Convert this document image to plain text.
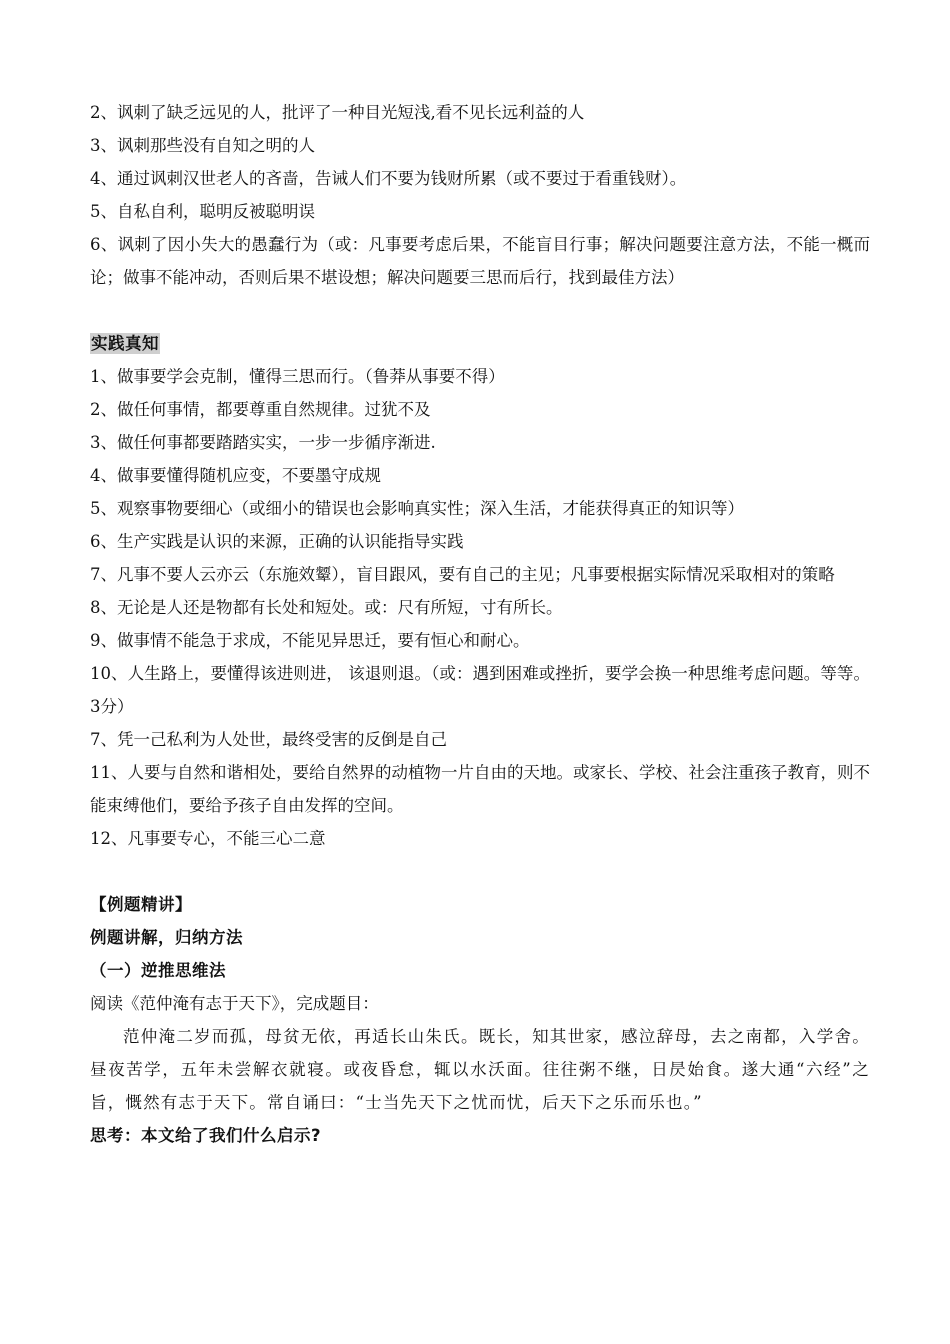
2、讽刺了缺乏远见的人，批评了一种目光短浅,看不见长远利益的人
3、讽刺那些没有自知之明的人
4、通过讽刺汉世老人的吝啬，告诫人们不要为钱财所累（或不要过于看重钱财）。
5、自私自利，聪明反被聪明误
6、讽刺了因小失大的愚蠢行为（或：凡事要考虑后果，不能盲目行事；解决问题要注意方法，不能一概而论；做事不能冲动，否则后果不堪设想；解决问题要三思而后行，找到最佳方法）
实践真知
1、做事要学会克制，懂得三思而行。（鲁莽从事要不得）
2、做任何事情，都要尊重自然规律。过犹不及
3、做任何事都要踏踏实实，一步一步循序渐进.
4、做事要懂得随机应变，不要墨守成规
5、观察事物要细心（或细小的错误也会影响真实性；深入生活，才能获得真正的知识等）
6、生产实践是认识的来源，正确的认识能指导实践
7、凡事不要人云亦云（东施效颦），盲目跟风，要有自己的主见；凡事要根据实际情况采取相对的策略
8、无论是人还是物都有长处和短处。或：尺有所短，寸有所长。
9、做事情不能急于求成，不能见异思迁，要有恒心和耐心。
10、人生路上，要懂得该进则进， 该退则退。（或：遇到困难或挫折，要学会换一种思维考虑问题。等等。3分）
7、凭一己私利为人处世，最终受害的反倒是自己
11、人要与自然和谐相处，要给自然界的动植物一片自由的天地。或家长、学校、社会注重孩子教育，则不能束缚他们，要给予孩子自由发挥的空间。
12、凡事要专心，不能三心二意
【例题精讲】
例题讲解，归纳方法
（一）逆推思维法
阅读《范仲淹有志于天下》，完成题目：
范仲淹二岁而孤，母贫无依，再适长山朱氏。既长，知其世家，感泣辞母，去之南都，入学舍。昼夜苦学，五年未尝解衣就寝。或夜昏怠，辄以水沃面。往往粥不继，日昃始食。遂大通“六经”之旨，慨然有志于天下。常自诵曰：“士当先天下之忧而忧，后天下之乐而乐也。”
思考：本文给了我们什么启示?
